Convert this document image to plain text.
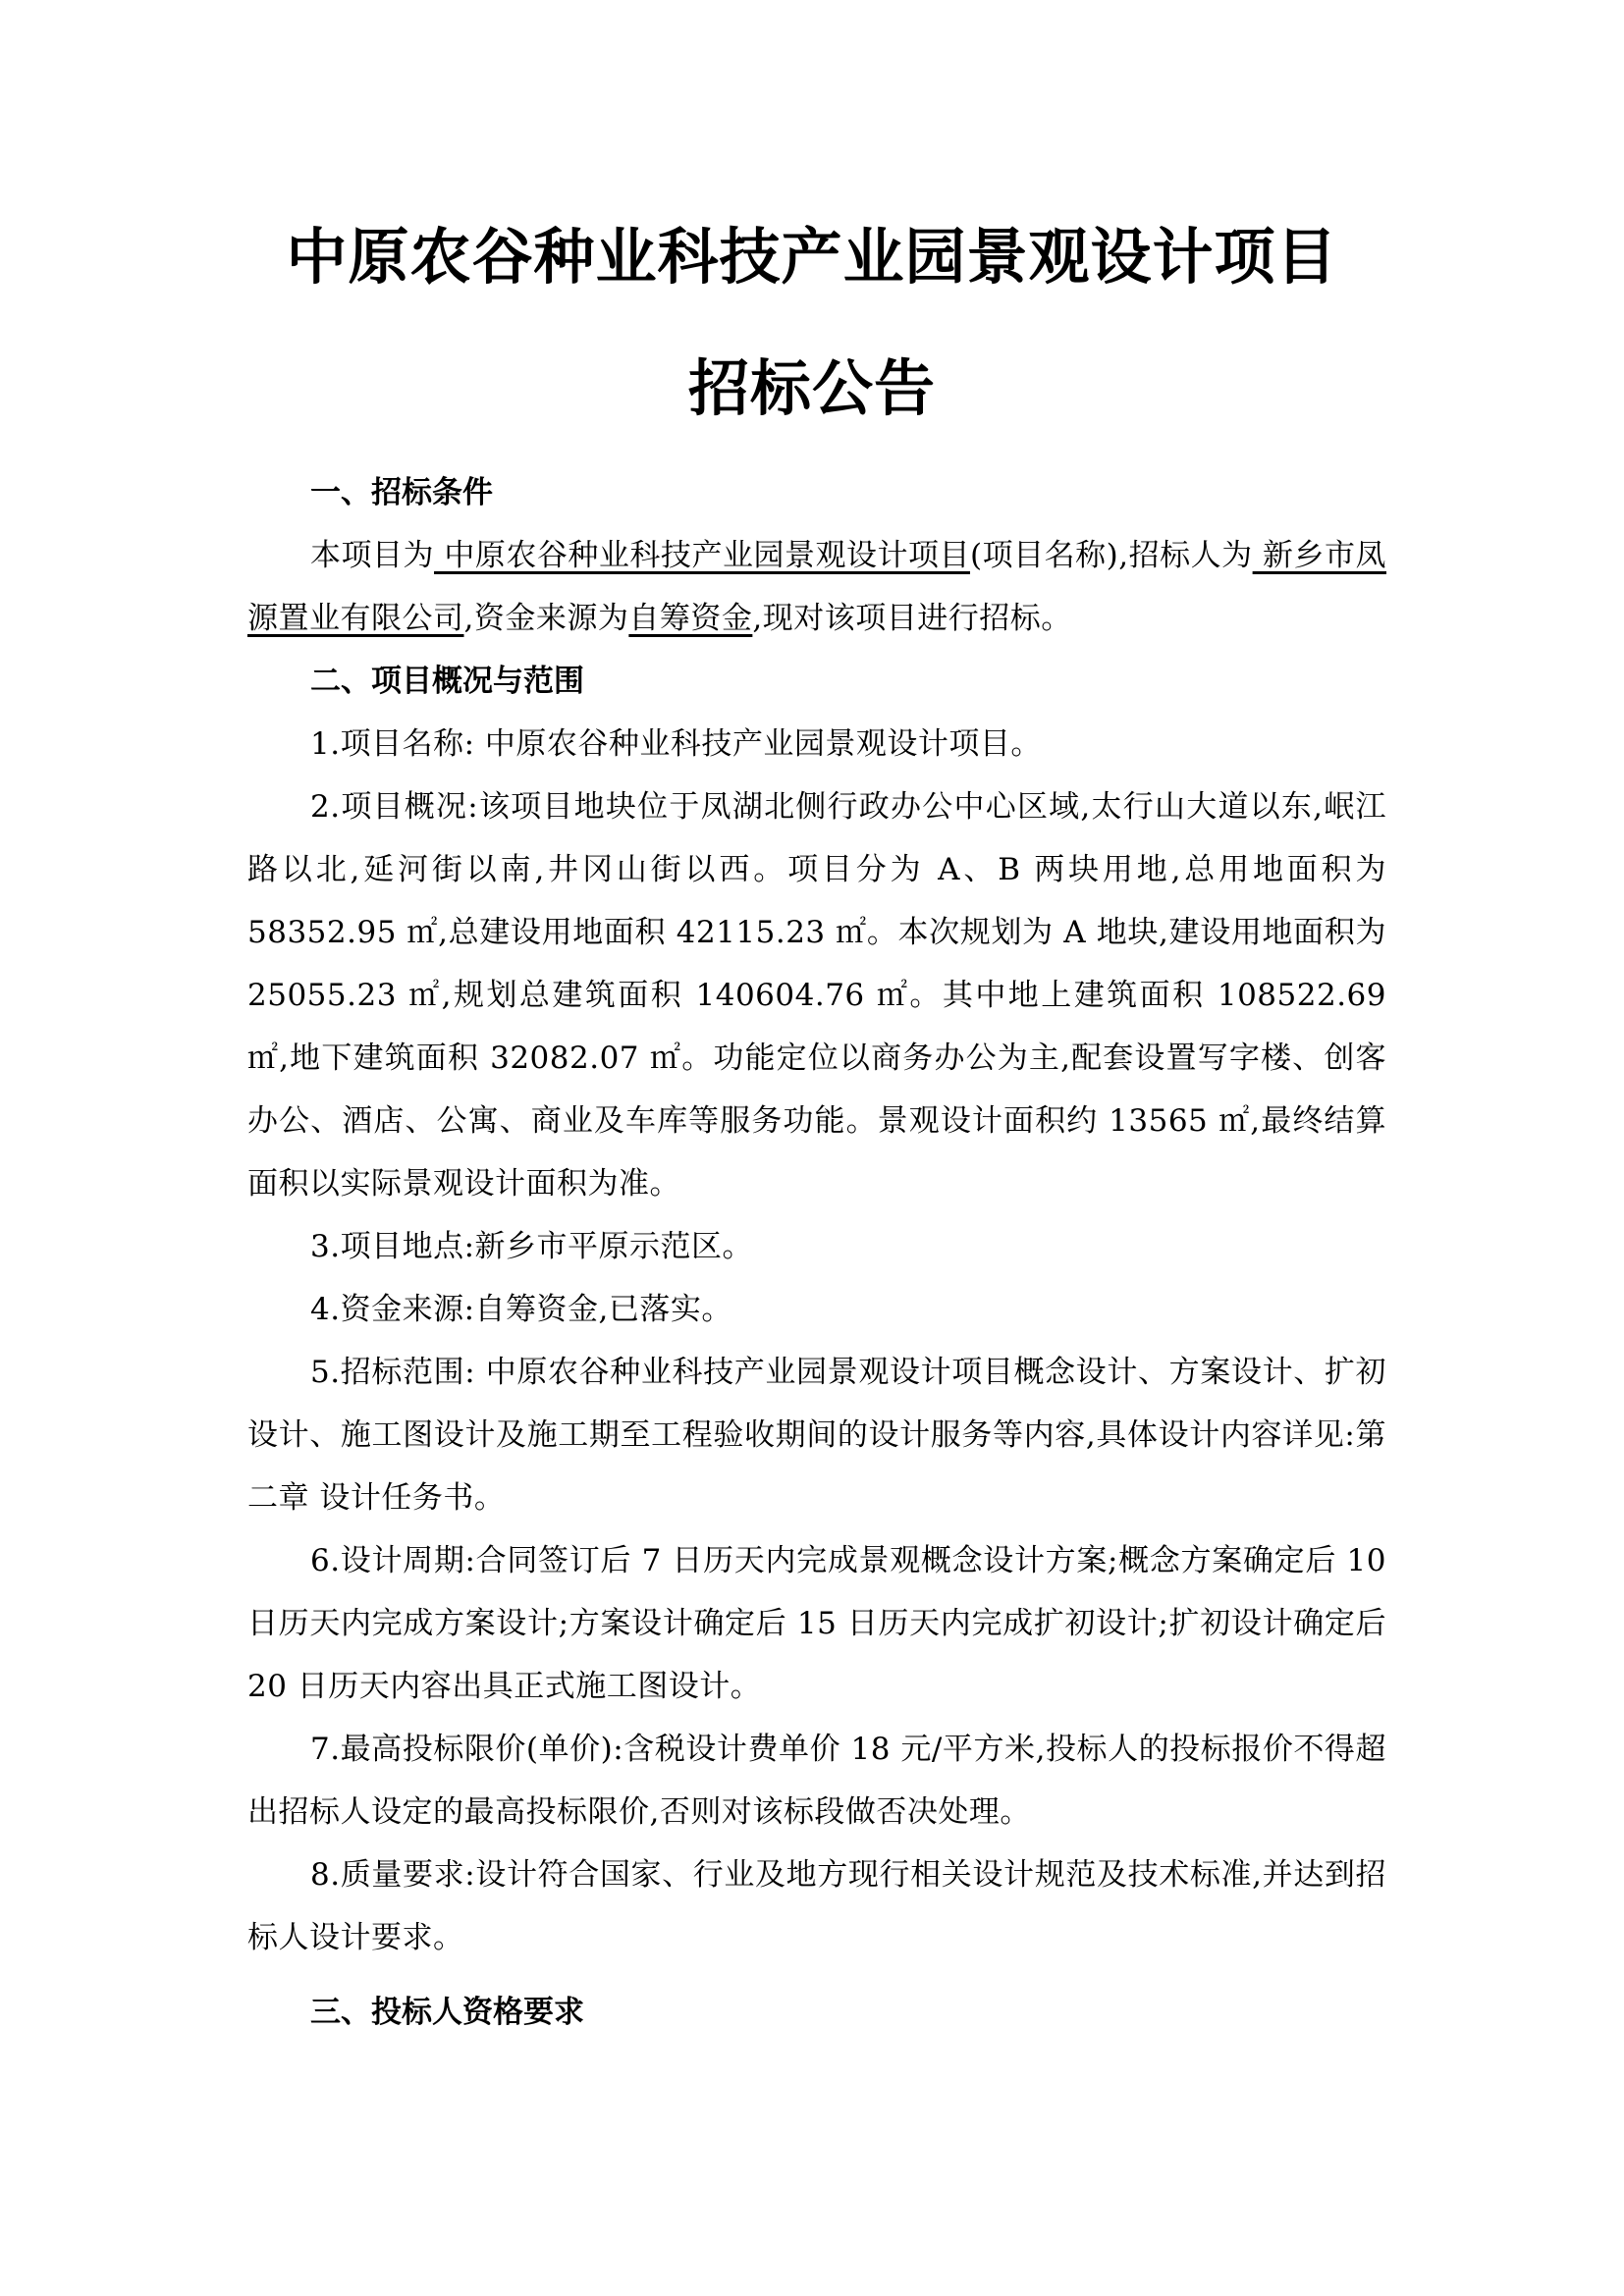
中原农谷种业科技产业园景观设计项目
招标公告

一、招标条件

本项目为 中原农谷种业科技产业园景观设计项目(项目名称),招标人为 新乡市凤源置业有限公司,资金来源为自筹资金,现对该项目进行招标。

二、项目概况与范围

1.项目名称: 中原农谷种业科技产业园景观设计项目。

2.项目概况:该项目地块位于凤湖北侧行政办公中心区域,太行山大道以东,岷江路以北,延河街以南,井冈山街以西。项目分为 A、B 两块用地,总用地面积为 58352.95 ㎡,总建设用地面积 42115.23 ㎡。本次规划为 A 地块,建设用地面积为 25055.23 ㎡,规划总建筑面积 140604.76 ㎡。其中地上建筑面积 108522.69 ㎡,地下建筑面积 32082.07 ㎡。功能定位以商务办公为主,配套设置写字楼、创客办公、酒店、公寓、商业及车库等服务功能。景观设计面积约 13565 ㎡,最终结算面积以实际景观设计面积为准。

3.项目地点:新乡市平原示范区。

4.资金来源:自筹资金,已落实。

5.招标范围: 中原农谷种业科技产业园景观设计项目概念设计、方案设计、扩初设计、施工图设计及施工期至工程验收期间的设计服务等内容,具体设计内容详见:第二章 设计任务书。

6.设计周期:合同签订后 7 日历天内完成景观概念设计方案;概念方案确定后 10 日历天内完成方案设计;方案设计确定后 15 日历天内完成扩初设计;扩初设计确定后 20 日历天内容出具正式施工图设计。

7.最高投标限价(单价):含税设计费单价 18 元/平方米,投标人的投标报价不得超出招标人设定的最高投标限价,否则对该标段做否决处理。

8.质量要求:设计符合国家、行业及地方现行相关设计规范及技术标准,并达到招标人设计要求。

三、投标人资格要求
